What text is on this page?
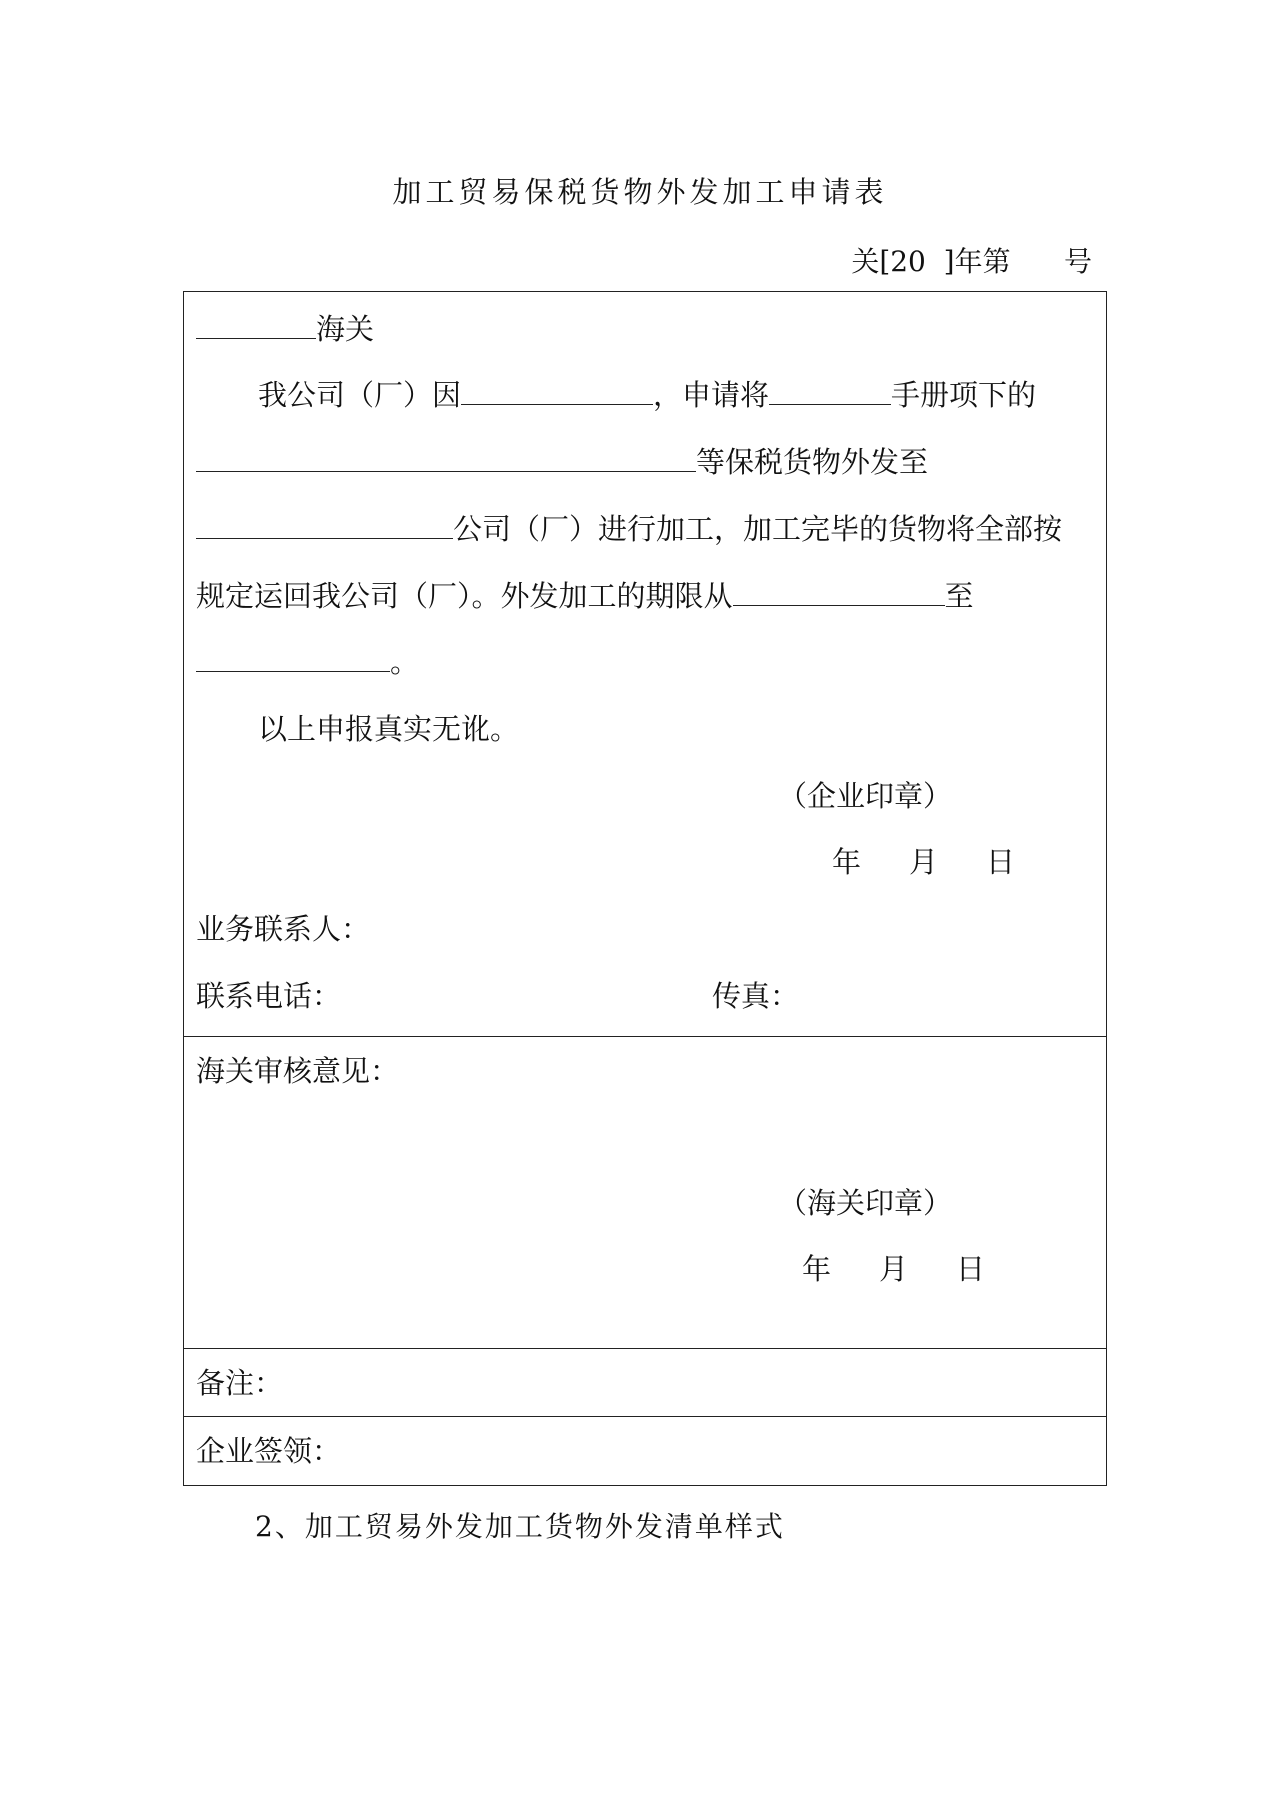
加工贸易保税货物外发加工申请表
关[20  ]年第      号
海关
我公司（厂）因	，申请将	手册项下的
等保税货物外发至
公司（厂）进行加工，加工完毕的货物将全部按
规定运回我公司（厂）。外发加工的期限从	至
。
以上申报真实无讹。
（企业印章）
年 月 日
业务联系人：
联系电话：	传真：
海关审核意见：
（海关印章）
年 月 日
备注：
企业签领：
2、加工贸易外发加工货物外发清单样式
